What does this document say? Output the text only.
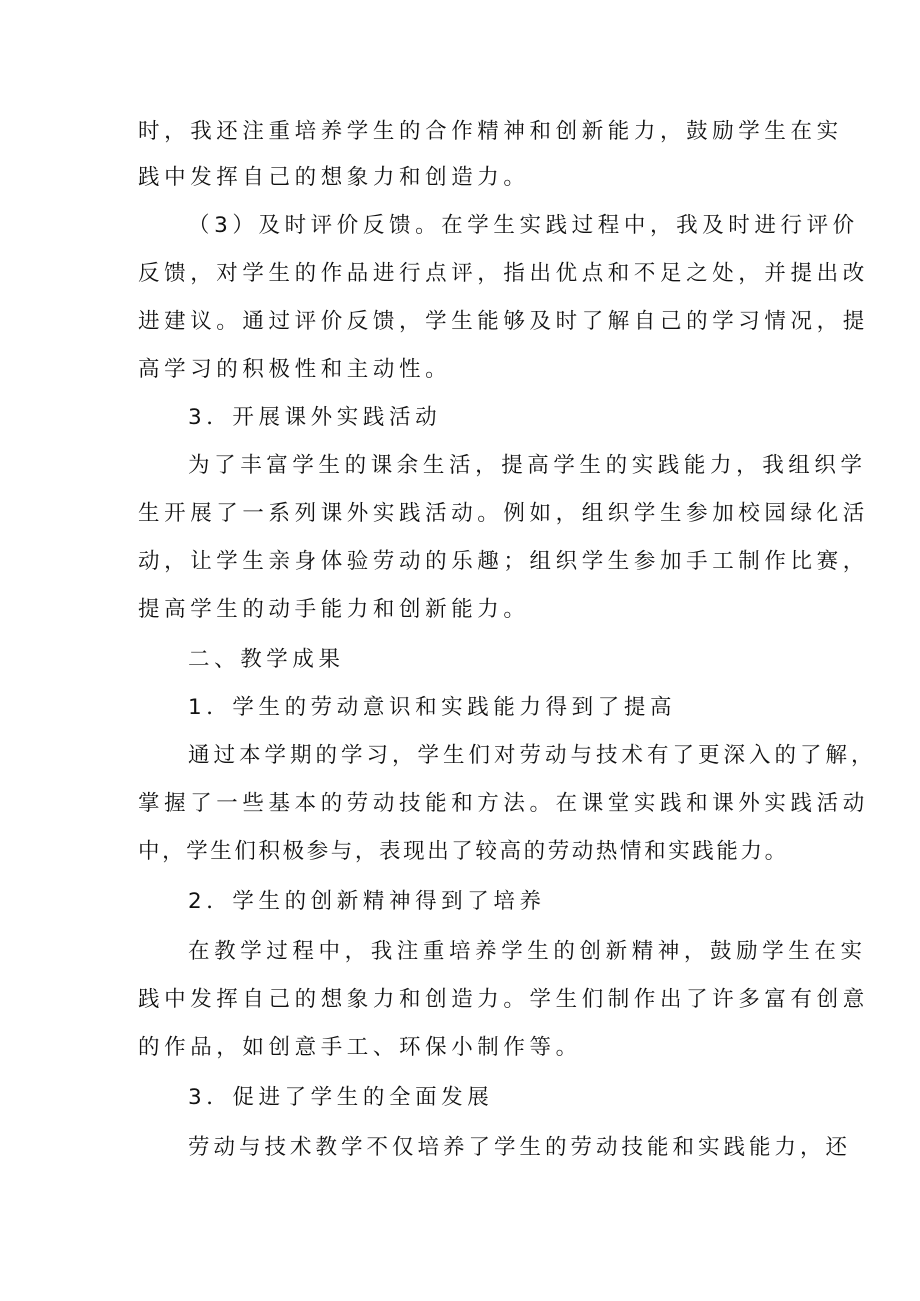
时，我还注重培养学生的合作精神和创新能力，鼓励学生在实

践中发挥自己的想象力和创造力。

（3）及时评价反馈。在学生实践过程中，我及时进行评价

反馈，对学生的作品进行点评，指出优点和不足之处，并提出改

进建议。通过评价反馈，学生能够及时了解自己的学习情况，提

高学习的积极性和主动性。

3．开展课外实践活动

为了丰富学生的课余生活，提高学生的实践能力，我组织学

生开展了一系列课外实践活动。例如，组织学生参加校园绿化活

动，让学生亲身体验劳动的乐趣；组织学生参加手工制作比赛，

提高学生的动手能力和创新能力。

二、教学成果

1．学生的劳动意识和实践能力得到了提高

通过本学期的学习，学生们对劳动与技术有了更深入的了解，

掌握了一些基本的劳动技能和方法。在课堂实践和课外实践活动

中，学生们积极参与，表现出了较高的劳动热情和实践能力。

2．学生的创新精神得到了培养

在教学过程中，我注重培养学生的创新精神，鼓励学生在实

践中发挥自己的想象力和创造力。学生们制作出了许多富有创意

的作品，如创意手工、环保小制作等。

3．促进了学生的全面发展

劳动与技术教学不仅培养了学生的劳动技能和实践能力，还
